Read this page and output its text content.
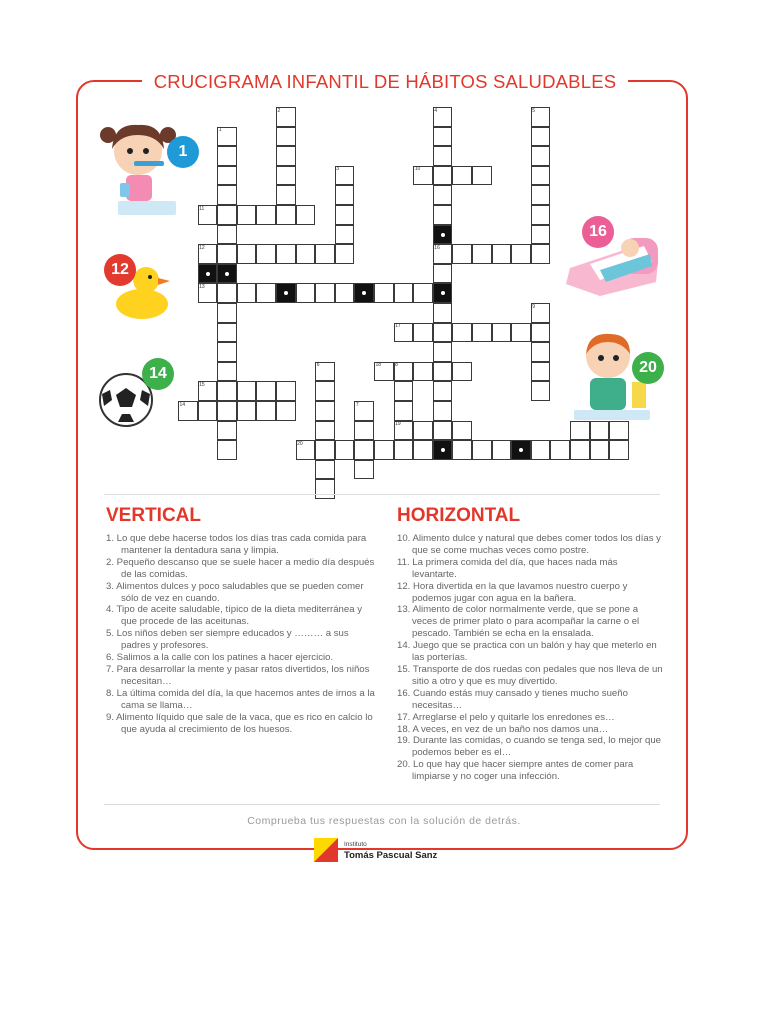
CRUCIGRAMA INFANTIL DE HÁBITOS SALUDABLES
1
2
3
4	5
6
7
8
9
10
11
12	16
13
14
15
17
18
19
20
1
12
14
16
20
VERTICAL
1. Lo que debe hacerse todos los días tras cada comida para mantener la dentadura sana y limpia.
2. Pequeño descanso que se suele hacer a medio día después de las comidas.
3. Alimentos dulces y poco saludables que se pueden comer sólo de vez en cuando.
4. Tipo de aceite saludable, típico de la dieta mediterránea y que procede de las aceitunas.
5. Los niños deben ser siempre educados y ……… a sus padres y profesores.
6. Salimos a la calle con los patines a hacer ejercicio.
7. Para desarrollar la mente y pasar ratos divertidos, los niños necesitan…
8. La última comida del día, la que hacemos antes de irnos a la cama se llama…
9. Alimento líquido que sale de la vaca, que es rico en calcio lo que ayuda al crecimiento de los huesos.
HORIZONTAL
10. Alimento dulce y natural que debes comer todos los días y que se come muchas veces como postre.
11. La primera comida del día, que haces nada más levantarte.
12. Hora divertida en la que lavamos nuestro cuerpo y podemos jugar con agua en la bañera.
13. Alimento de color normalmente verde, que se pone a veces de primer plato o para acompañar la carne o el pescado. También se echa en la ensalada.
14. Juego que se practica con un balón y hay que meterlo en las porterías.
15. Transporte de dos ruedas con pedales que nos lleva de un sitio a otro y que es muy divertido.
16. Cuando estás muy cansado y tienes mucho sueño necesitas…
17. Arreglarse el pelo y quitarle los enredones es…
18. A veces, en vez de un baño nos damos una…
19. Durante las comidas, o cuando se tenga sed, lo mejor que podemos beber es el…
20. Lo que hay que hacer siempre antes de comer para limpiarse y no coger una infección.
Comprueba tus respuestas con la solución de detrás.
Instituto
Tomás Pascual Sanz
